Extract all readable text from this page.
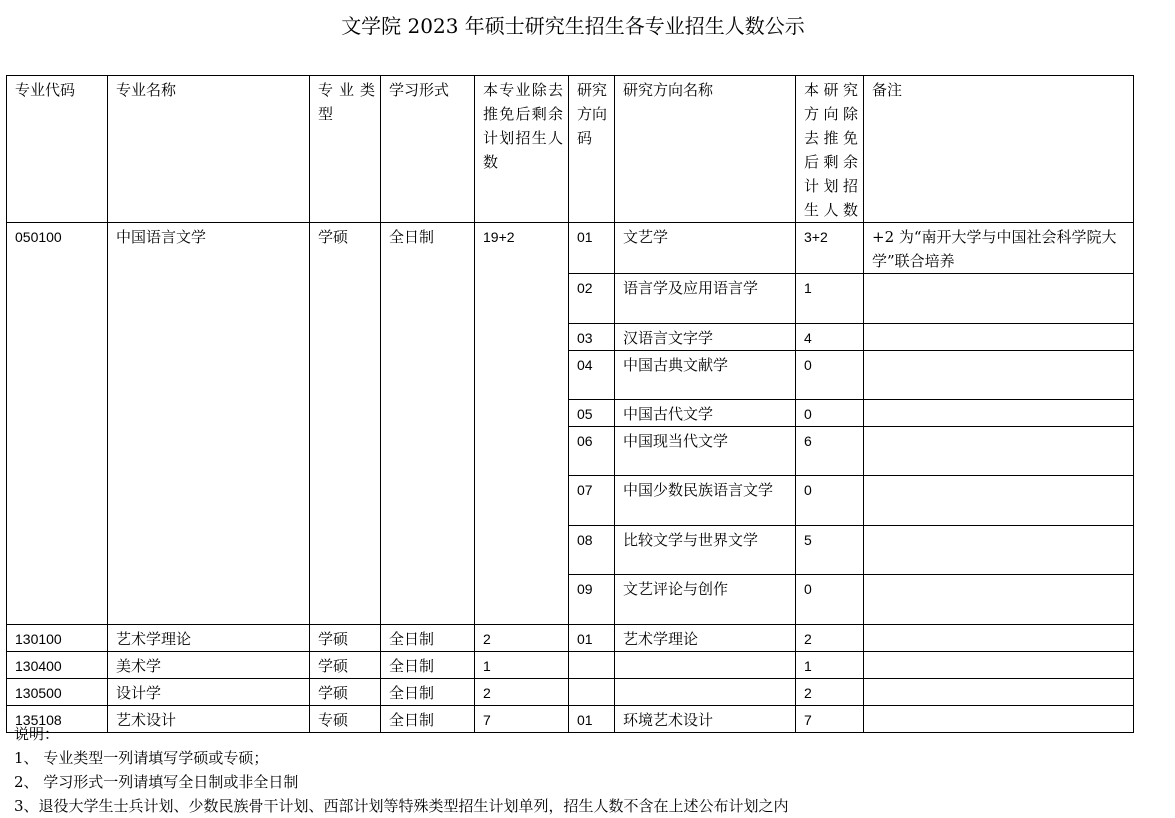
文学院 2023 年硕士研究生招生各专业招生人数公示
专业代码	专业名称	专业类型	学习形式	本专业除去推免后剩余计划招生人数	研究方向码	研究方向名称	本研究方向除去推免后剩余计划招生人数	备注
050100	中国语言文学	学硕	全日制	19+2	01	文艺学	3+2	+2 为“南开大学与中国社会科学院大学”联合培养
					02	语言学及应用语言学	1	
					03	汉语言文字学	4	
					04	中国古典文献学	0	
					05	中国古代文学	0	
					06	中国现当代文学	6	
					07	中国少数民族语言文学	0	
					08	比较文学与世界文学	5	
					09	文艺评论与创作	0	
130100	艺术学理论	学硕	全日制	2	01	艺术学理论	2	
130400	美术学	学硕	全日制	1			1	
130500	设计学	学硕	全日制	2			2	
135108	艺术设计	专硕	全日制	7	01	环境艺术设计	7	
说明：
1、 专业类型一列请填写学硕或专硕；
2、 学习形式一列请填写全日制或非全日制
3、退役大学生士兵计划、少数民族骨干计划、西部计划等特殊类型招生计划单列，招生人数不含在上述公布计划之内
